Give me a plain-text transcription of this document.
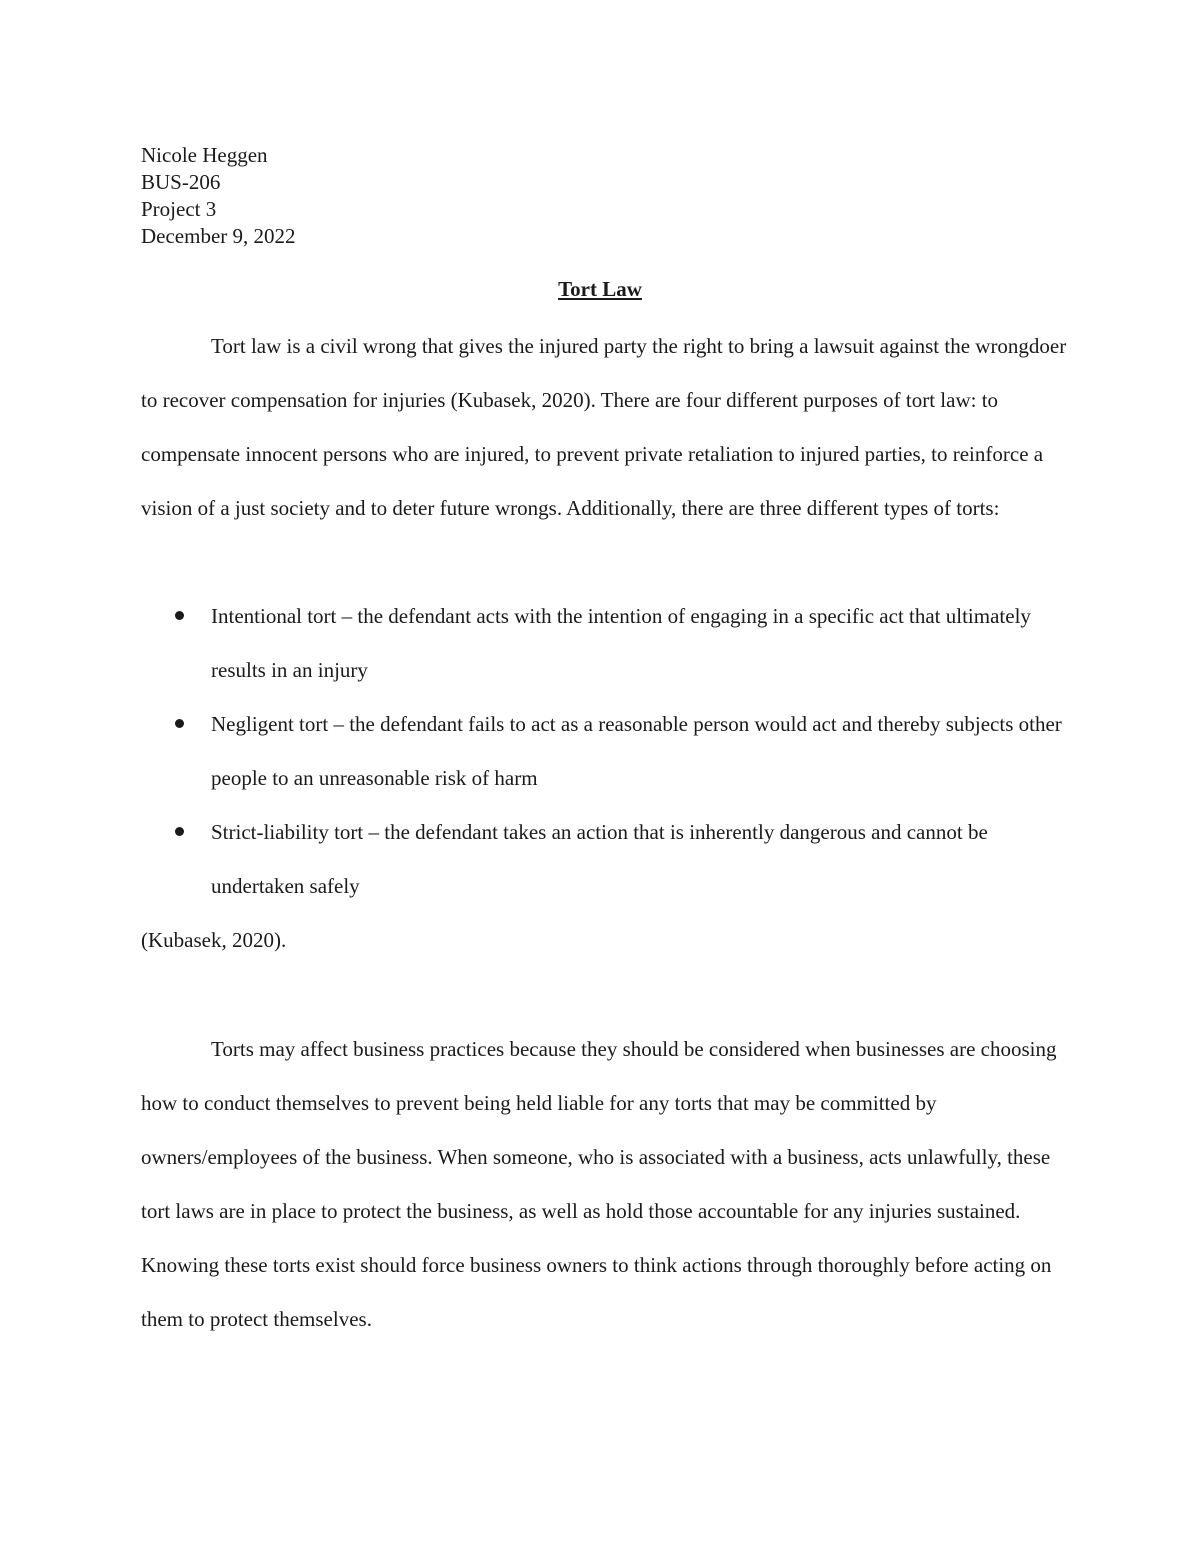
Nicole Heggen
BUS-206
Project 3
December 9, 2022
Tort Law

Tort law is a civil wrong that gives the injured party the right to bring a lawsuit against the wrongdoer to recover compensation for injuries (Kubasek, 2020). There are four different purposes of tort law: to compensate innocent persons who are injured, to prevent private retaliation to injured parties, to reinforce a vision of a just society and to deter future wrongs. Additionally, there are three different types of torts:

Intentional tort – the defendant acts with the intention of engaging in a specific act that ultimately results in an injury
Negligent tort – the defendant fails to act as a reasonable person would act and thereby subjects other people to an unreasonable risk of harm
Strict-liability tort – the defendant takes an action that is inherently dangerous and cannot be undertaken safely
(Kubasek, 2020).

Torts may affect business practices because they should be considered when businesses are choosing how to conduct themselves to prevent being held liable for any torts that may be committed by owners/employees of the business. When someone, who is associated with a business, acts unlawfully, these tort laws are in place to protect the business, as well as hold those accountable for any injuries sustained. Knowing these torts exist should force business owners to think actions through thoroughly before acting on them to protect themselves.
